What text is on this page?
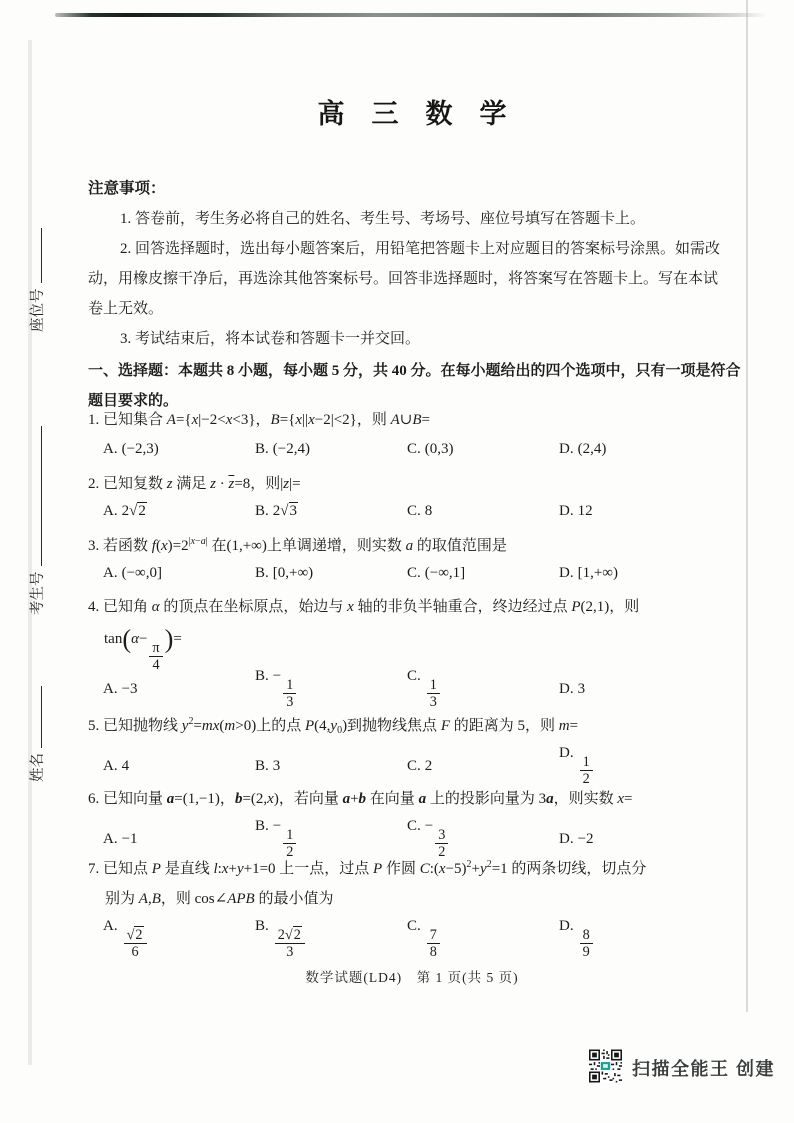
座位号
考生号
姓名
高　三　数　学
注意事项：
1. 答卷前，考生务必将自己的姓名、考生号、考场号、座位号填写在答题卡上。
2. 回答选择题时，选出每小题答案后，用铅笔把答题卡上对应题目的答案标号涂黑。如需改
动，用橡皮擦干净后，再选涂其他答案标号。回答非选择题时，将答案写在答题卡上。写在本试
卷上无效。
3. 考试结束后，将本试卷和答题卡一并交回。
一、选择题：本题共 8 小题，每小题 5 分，共 40 分。在每小题给出的四个选项中，只有一项是符合
题目要求的。
1. 已知集合 A={x|−2<x<3}，B={x||x−2|<2}，则 A∪B=
A. (−2,3)	B. (−2,4)	C. (0,3)	D. (2,4)
2. 已知复数 z 满足 $z \cdot \overline{z}=8$，则|z|=
A. 2√2	B. 2√3	C. 8	D. 12
3. 若函数 $f(x)=2^{|x-a|}$ 在(1,+∞)上单调递增，则实数 a 的取值范围是
A. (−∞,0]	B. [0,+∞)	C. (−∞,1]	D. [1,+∞)
4. 已知角 α 的顶点在坐标原点，始边与 x 轴的非负半轴重合，终边经过点 P(2,1)，则
tan(α−
$\frac{\pi}{4}$
)=
A. −3
B. −
$\frac{1}{3}$
C.
$\frac{1}{3}$	D. 3
5. 已知抛物线 $y^2=mx(m>0)$上的点 $P(4,y_0)$到抛物线焦点 F 的距离为 5，则 m=
A. 4	B. 3	C. 2
D.
$\frac{1}{2}$
6. 已知向量 a=(1,−1)，b=(2,x)，若向量 a+b 在向量 a 上的投影向量为 3a，则实数 x=
A. −1
B. −
$\frac{1}{2}$
C. −
$\frac{3}{2}$	D. −2
7. 已知点 P 是直线 l:x+y+1=0 上一点，过点 P 作圆 $C:(x-5)^2+y^2=1$ 的两条切线，切点分
别为 A,B，则 cos∠APB 的最小值为
A.
$\frac{√2}{6}$
B.
$\frac{2√2}{3}$
C.
$\frac{7}{8}$
D.
$\frac{8}{9}$
数学试题(LD4)　第 1 页(共 5 页)
扫描全能王 创建
